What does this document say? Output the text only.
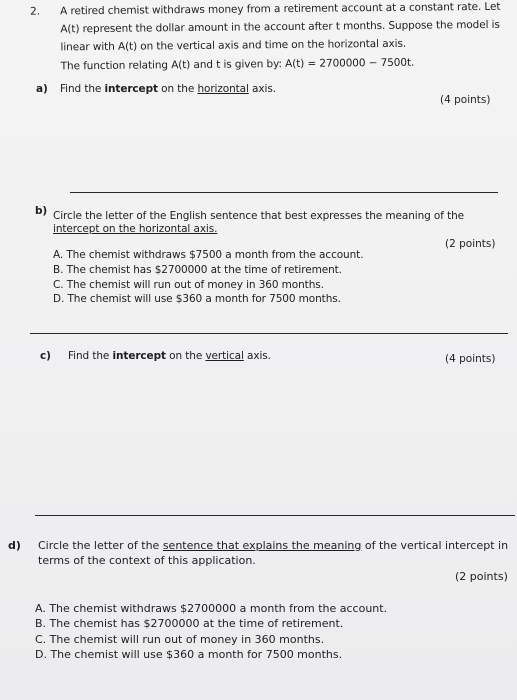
2. A retired chemist withdraws money from a retirement account at a constant rate. Let
A(t) represent the dollar amount in the account after t months. Suppose the model is
linear with A(t) on the vertical axis and time on the horizontal axis.
The function relating A(t) and t is given by: A(t) = 2700000 − 7500t.
a) Find the intercept on the horizontal axis.
(4 points)
b) Circle the letter of the English sentence that best expresses the meaning of the
intercept on the horizontal axis.
(2 points)
A. The chemist withdraws $7500 a month from the account.
B. The chemist has $2700000 at the time of retirement.
C. The chemist will run out of money in 360 months.
D. The chemist will use $360 a month for 7500 months.
c) Find the intercept on the vertical axis.	(4 points)
d) Circle the letter of the sentence that explains the meaning of the vertical intercept in
terms of the context of this application.
(2 points)
A. The chemist withdraws $2700000 a month from the account.
B. The chemist has $2700000 at the time of retirement.
C. The chemist will run out of money in 360 months.
D. The chemist will use $360 a month for 7500 months.
